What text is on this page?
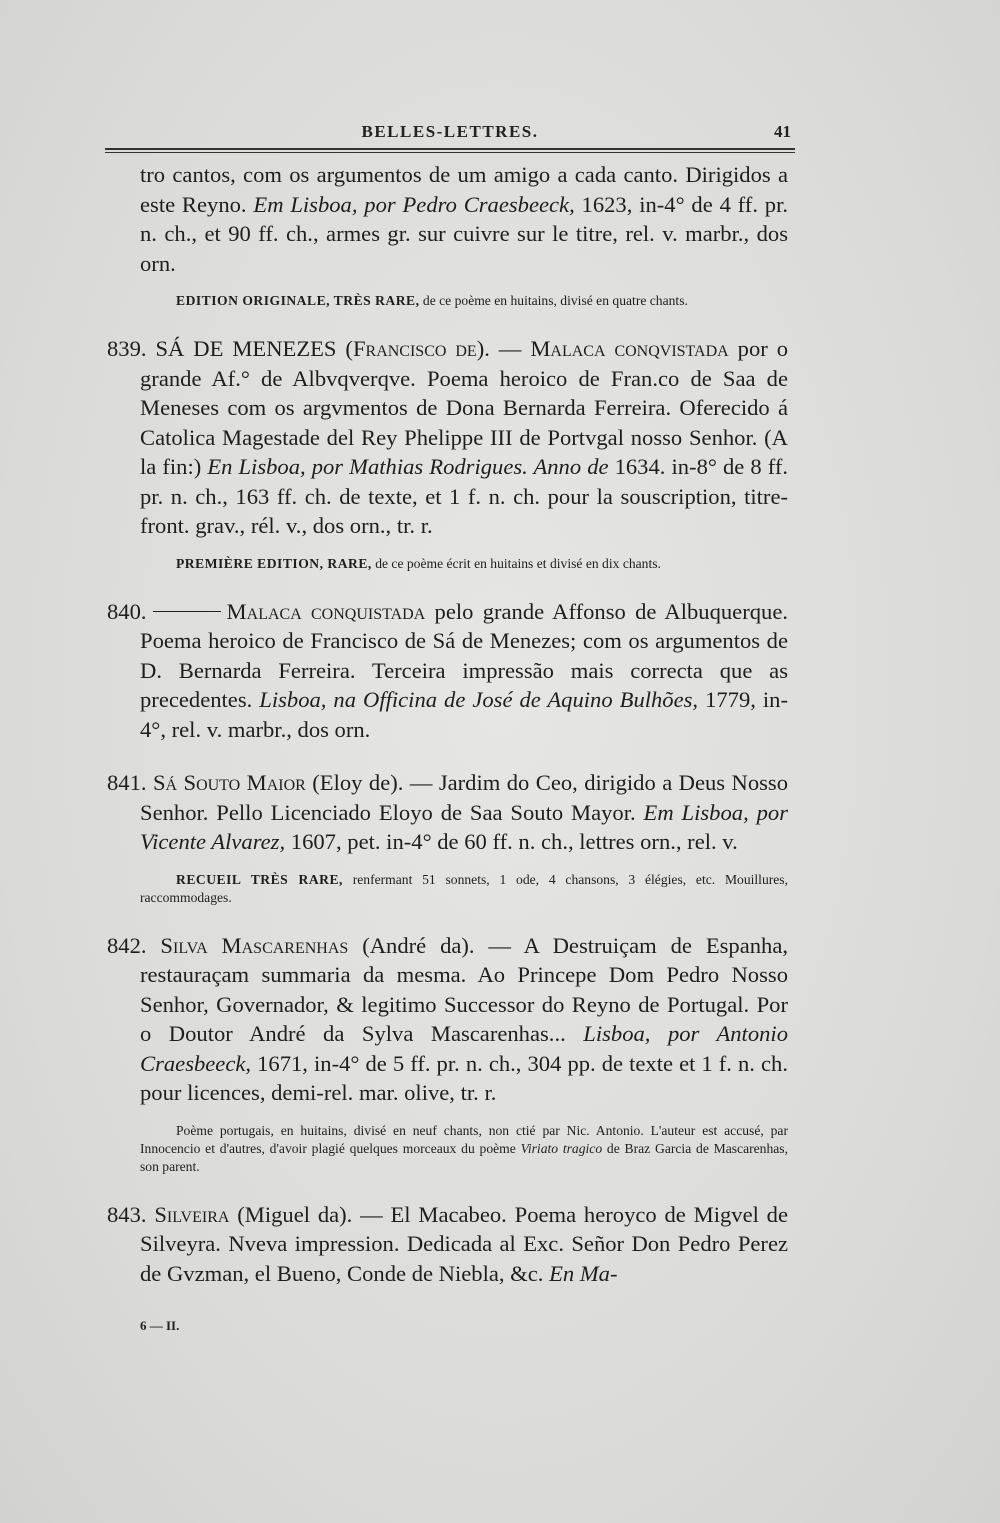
BELLES-LETTRES.	41

tro cantos, com os argumentos de um amigo a cada canto. Dirigidos a este Reyno. Em Lisboa, por Pedro Craesbeeck, 1623, in-4° de 4 ff. pr. n. ch., et 90 ff. ch., armes gr. sur cuivre sur le titre, rel. v. marbr., dos orn.

EDITION ORIGINALE, TRÈS RARE, de ce poème en huitains, divisé en quatre chants.

839. SÁ DE MENEZES (Francisco de). — Malaca conqvistada por o grande Af.° de Albvqverqve. Poema heroico de Fran.co de Saa de Meneses com os argvmentos de Dona Bernarda Ferreira. Oferecido á Catolica Magestade del Rey Phelippe III de Portvgal nosso Senhor. (A la fin:) En Lisboa, por Mathias Rodrigues. Anno de 1634. in-8° de 8 ff. pr. n. ch., 163 ff. ch. de texte, et 1 f. n. ch. pour la souscription, titre-front. grav., rél. v., dos orn., tr. r.

PREMIÈRE EDITION, RARE, de ce poème écrit en huitains et divisé en dix chants.

840.	Malaca conquistada pelo grande Affonso de Albuquerque. Poema heroico de Francisco de Sá de Menezes; com os argumentos de D. Bernarda Ferreira. Terceira impressão mais correcta que as precedentes. Lisboa, na Officina de José de Aquino Bulhões, 1779, in-4°, rel. v. marbr., dos orn.

841. Sá Souto Maior (Eloy de). — Jardim do Ceo, dirigido a Deus Nosso Senhor. Pello Licenciado Eloyo de Saa Souto Mayor. Em Lisboa, por Vicente Alvarez, 1607, pet. in-4° de 60 ff. n. ch., lettres orn., rel. v.

RECUEIL TRÈS RARE, renfermant 51 sonnets, 1 ode, 4 chansons, 3 élégies, etc. Mouillures, raccommodages.

842. Silva Mascarenhas (André da). — A Destruiçam de Espanha, restauraçam summaria da mesma. Ao Princepe Dom Pedro Nosso Senhor, Governador, & legitimo Successor do Reyno de Portugal. Por o Doutor André da Sylva Mascarenhas... Lisboa, por Antonio Craesbeeck, 1671, in-4° de 5 ff. pr. n. ch., 304 pp. de texte et 1 f. n. ch. pour licences, demi-rel. mar. olive, tr. r.

Poème portugais, en huitains, divisé en neuf chants, non ctié par Nic. Antonio. L'auteur est accusé, par Innocencio et d'autres, d'avoir plagié quelques morceaux du poème Viriato tragico de Braz Garcia de Mascarenhas, son parent.

843. Silveira (Miguel da). — El Macabeo. Poema heroyco de Migvel de Silveyra. Nveva impression. Dedicada al Exc. Señor Don Pedro Perez de Gvzman, el Bueno, Conde de Niebla, &c. En Ma-

6 — II.
